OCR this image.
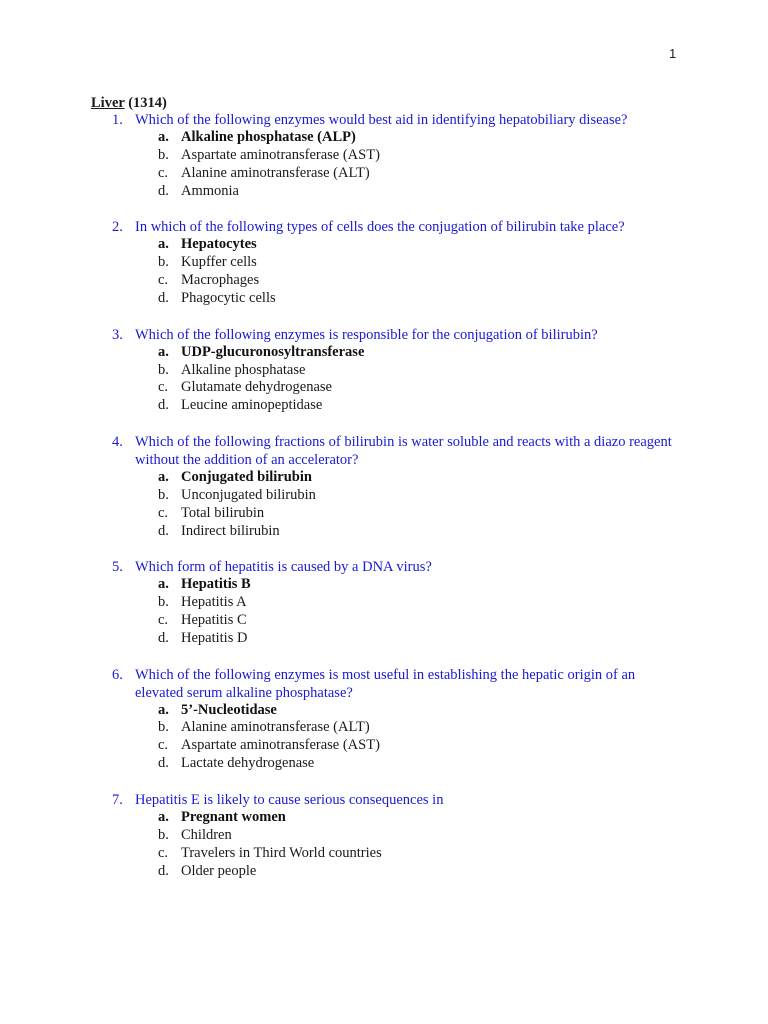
1
Liver (1314)
1. Which of the following enzymes would best aid in identifying hepatobiliary disease?
a. Alkaline phosphatase (ALP)
b. Aspartate aminotransferase (AST)
c. Alanine aminotransferase (ALT)
d. Ammonia
2. In which of the following types of cells does the conjugation of bilirubin take place?
a. Hepatocytes
b. Kupffer cells
c. Macrophages
d. Phagocytic cells
3. Which of the following enzymes is responsible for the conjugation of bilirubin?
a. UDP-glucuronosyltransferase
b. Alkaline phosphatase
c. Glutamate dehydrogenase
d. Leucine aminopeptidase
4. Which of the following fractions of bilirubin is water soluble and reacts with a diazo reagent without the addition of an accelerator?
a. Conjugated bilirubin
b. Unconjugated bilirubin
c. Total bilirubin
d. Indirect bilirubin
5. Which form of hepatitis is caused by a DNA virus?
a. Hepatitis B
b. Hepatitis A
c. Hepatitis C
d. Hepatitis D
6. Which of the following enzymes is most useful in establishing the hepatic origin of an elevated serum alkaline phosphatase?
a. 5’-Nucleotidase
b. Alanine aminotransferase (ALT)
c. Aspartate aminotransferase (AST)
d. Lactate dehydrogenase
7. Hepatitis E is likely to cause serious consequences in
a. Pregnant women
b. Children
c. Travelers in Third World countries
d. Older people
